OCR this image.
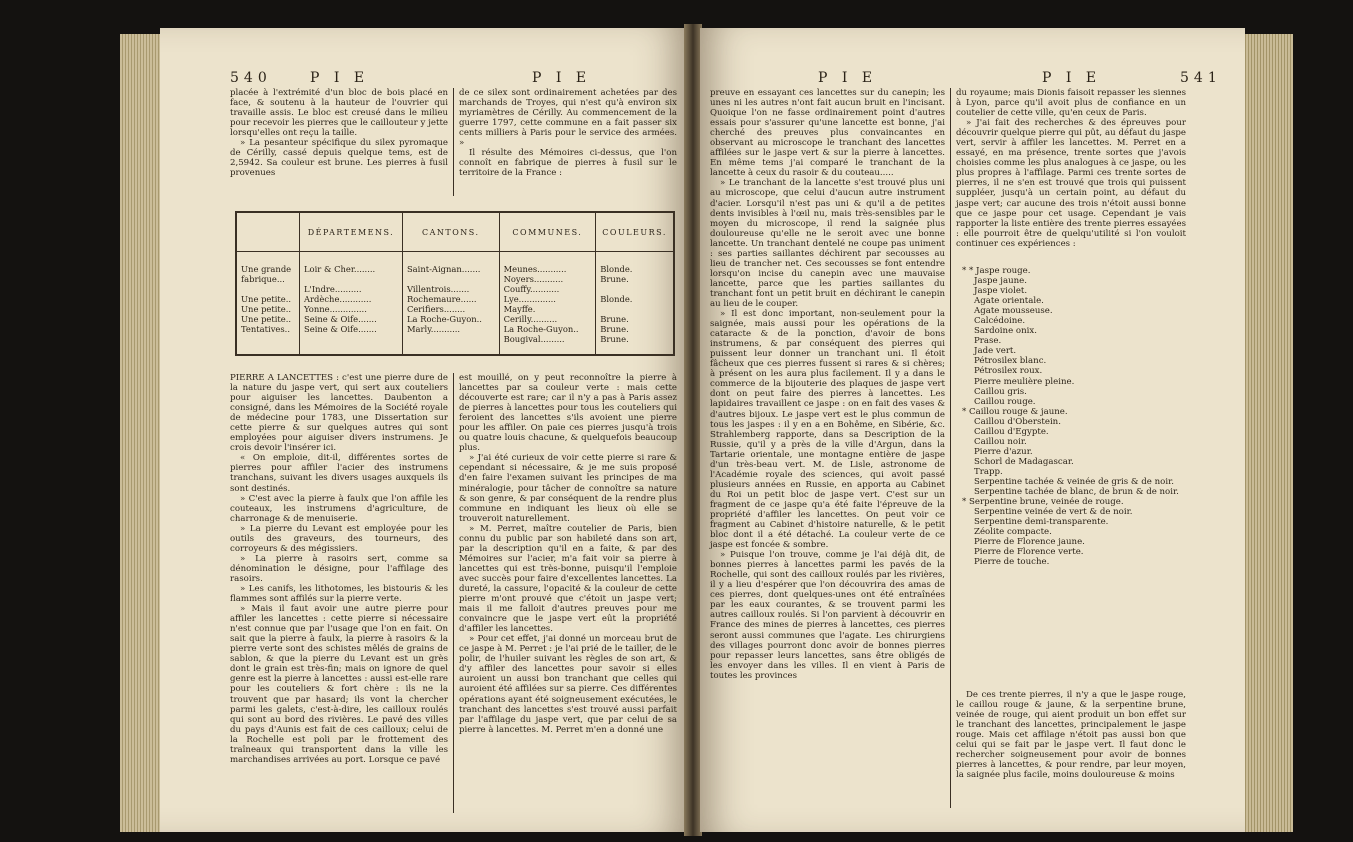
540	P I E	P I E

placée à l'extrémité d'un bloc de bois placé en face, & soutenu à la hauteur de l'ouvrier qui travaille assis. Le bloc est creusé dans le milieu pour recevoir les pierres que le caillouteur y jette lorsqu'elles ont reçu la taille.

» La pesanteur spécifique du silex pyromaque de Cérilly, cassé depuis quelque tems, est de 2,5942. Sa couleur est brune. Les pierres à fusil provenues

de ce silex sont ordinairement achetées par des marchands de Troyes, qui n'est qu'à environ six myriamètres de Cérilly. Au commencement de la guerre 1797, cette commune en a fait passer six cents milliers à Paris pour le service des armées. »

Il résulte des Mémoires ci-dessus, que l'on connoît en fabrique de pierres à fusil sur le territoire de la France :

	DÉPARTEMENS.	CANTONS.	COMMUNES.	COULEURS.
Une grande	Loir & Cher........	Saint-Aignan.......	Meunes...........	Blonde.
fabrique...			Noyers...........	Brune.
	L'Indre..........	Villentrois.......	Couffy...........	
Une petite..	Ardèche............	Rochemaure......	Lye..............	Blonde.
Une petite..	Yonne..............	Cerifiers........	Mayffe.	
Une petite..	Seine & Oife.......	La Roche-Guyon..	Cerilly..........	Brune.
Tentatives..	Seine & Oife.......	Marly...........	La Roche-Guyon..	Brune.
			Bougival.........	Brune.

PIERRE A LANCETTES : c'est une pierre dure de la nature du jaspe vert, qui sert aux couteliers pour aiguiser les lancettes. Daubenton a consigné, dans les Mémoires de la Société royale de médecine pour 1783, une Dissertation sur cette pierre & sur quelques autres qui sont employées pour aiguiser divers instrumens. Je crois devoir l'insérer ici.

« On emploie, dit-il, différentes sortes de pierres pour affiler l'acier des instrumens tranchans, suivant les divers usages auxquels ils sont destinés.

» C'est avec la pierre à faulx que l'on affile les couteaux, les instrumens d'agriculture, de charronage & de menuiserie.

» La pierre du Levant est employée pour les outils des graveurs, des tourneurs, des corroyeurs & des mégissiers.

» La pierre à rasoirs sert, comme sa dénomination le désigne, pour l'affilage des rasoirs.

» Les canifs, les lithotomes, les bistouris & les flammes sont affilés sur la pierre verte.

» Mais il faut avoir une autre pierre pour affiler les lancettes : cette pierre si nécessaire n'est connue que par l'usage que l'on en fait. On sait que la pierre à faulx, la pierre à rasoirs & la pierre verte sont des schistes mêlés de grains de sablon, & que la pierre du Levant est un grès dont le grain est très-fin; mais on ignore de quel genre est la pierre à lancettes : aussi est-elle rare pour les couteliers & fort chère : ils ne la trouvent que par hasard; ils vont la chercher parmi les galets, c'est-à-dire, les cailloux roulés qui sont au bord des rivières. Le pavé des villes du pays d'Aunis est fait de ces cailloux; celui de la Rochelle est poli par le frottement des traîneaux qui transportent dans la ville les marchandises arrivées au port. Lorsque ce pavé

est mouillé, on y peut reconnoître la pierre à lancettes par sa couleur verte : mais cette découverte est rare; car il n'y a pas à Paris assez de pierres à lancettes pour tous les couteliers qui feroient des lancettes s'ils avoient une pierre pour les affiler. On paie ces pierres jusqu'à trois ou quatre louis chacune, & quelquefois beaucoup plus.

» J'ai été curieux de voir cette pierre si rare & cependant si nécessaire, & je me suis proposé d'en faire l'examen suivant les principes de ma minéralogie, pour tâcher de connoître sa nature & son genre, & par conséquent de la rendre plus commune en indiquant les lieux où elle se trouveroit naturellement.

» M. Perret, maître coutelier de Paris, bien connu du public par son habileté dans son art, par la description qu'il en a faite, & par des Mémoires sur l'acier, m'a fait voir sa pierre à lancettes qui est très-bonne, puisqu'il l'emploie avec succès pour faire d'excellentes lancettes. La dureté, la cassure, l'opacité & la couleur de cette pierre m'ont prouvé que c'étoit un jaspe vert; mais il me falloit d'autres preuves pour me convaincre que le jaspe vert eût la propriété d'affiler les lancettes.

» Pour cet effet, j'ai donné un morceau brut de ce jaspe à M. Perret : je l'ai prié de le tailler, de le polir, de l'huiler suivant les règles de son art, & d'y affiler des lancettes pour savoir si elles auroient un aussi bon tranchant que celles qui auroient été affilées sur sa pierre. Ces différentes opérations ayant été soigneusement exécutées, le tranchant des lancettes s'est trouvé aussi parfait par l'affilage du jaspe vert, que par celui de sa pierre à lancettes. M. Perret m'en a donné une

P I E	P I E	541

preuve en essayant ces lancettes sur du canepin; les unes ni les autres n'ont fait aucun bruit en l'incisant. Quoique l'on ne fasse ordinairement point d'autres essais pour s'assurer qu'une lancette est bonne, j'ai cherché des preuves plus convaincantes en observant au microscope le tranchant des lancettes affilées sur le jaspe vert & sur la pierre à lancettes. En même tems j'ai comparé le tranchant de la lancette à ceux du rasoir & du couteau.....

» Le tranchant de la lancette s'est trouvé plus uni au microscope, que celui d'aucun autre instrument d'acier. Lorsqu'il n'est pas uni & qu'il a de petites dents invisibles à l'œil nu, mais très-sensibles par le moyen du microscope, il rend la saignée plus douloureuse qu'elle ne le seroit avec une bonne lancette. Un tranchant dentelé ne coupe pas uniment : ses parties saillantes déchirent par secousses au lieu de trancher net. Ces secousses se font entendre lorsqu'on incise du canepin avec une mauvaise lancette, parce que les parties saillantes du tranchant font un petit bruit en déchirant le canepin au lieu de le couper.

» Il est donc important, non-seulement pour la saignée, mais aussi pour les opérations de la cataracte & de la ponction, d'avoir de bons instrumens, & par conséquent des pierres qui puissent leur donner un tranchant uni. Il étoit fâcheux que ces pierres fussent si rares & si chères; à présent on les aura plus facilement. Il y a dans le commerce de la bijouterie des plaques de jaspe vert dont on peut faire des pierres à lancettes. Les lapidaires travaillent ce jaspe : on en fait des vases & d'autres bijoux. Le jaspe vert est le plus commun de tous les jaspes : il y en a en Bohême, en Sibérie, &c. Strahlemberg rapporte, dans sa Description de la Russie, qu'il y a près de la ville d'Argun, dans la Tartarie orientale, une montagne entière de jaspe d'un très-beau vert. M. de Lisle, astronome de l'Académie royale des sciences, qui avoit passé plusieurs années en Russie, en apporta au Cabinet du Roi un petit bloc de jaspe vert. C'est sur un fragment de ce jaspe qu'a été faite l'épreuve de la propriété d'affiler les lancettes. On peut voir ce fragment au Cabinet d'histoire naturelle, & le petit bloc dont il a été détaché. La couleur verte de ce jaspe est foncée & sombre.

» Puisque l'on trouve, comme je l'ai déjà dit, de bonnes pierres à lancettes parmi les pavés de la Rochelle, qui sont des cailloux roulés par les rivières, il y a lieu d'espérer que l'on découvrira des amas de ces pierres, dont quelques-unes ont été entraînées par les eaux courantes, & se trouvent parmi les autres cailloux roulés. Si l'on parvient à découvrir en France des mines de pierres à lancettes, ces pierres seront aussi communes que l'agate. Les chirurgiens des villages pourront donc avoir de bonnes pierres pour repasser leurs lancettes, sans être obligés de les envoyer dans les villes. Il en vient à Paris de toutes les provinces

du royaume; mais Dionis faisoit repasser les siennes à Lyon, parce qu'il avoit plus de confiance en un coutelier de cette ville, qu'en ceux de Paris.

» J'ai fait des recherches & des épreuves pour découvrir quelque pierre qui pût, au défaut du jaspe vert, servir à affiler les lancettes. M. Perret en a essayé, en ma présence, trente sortes que j'avois choisies comme les plus analogues à ce jaspe, ou les plus propres à l'affilage. Parmi ces trente sortes de pierres, il ne s'en est trouvé que trois qui puissent suppléer, jusqu'à un certain point, au défaut du jaspe vert; car aucune des trois n'étoit aussi bonne que ce jaspe pour cet usage. Cependant je vais rapporter la liste entière des trente pierres essayées : elle pourroit être de quelqu'utilité si l'on vouloit continuer ces expériences :

* * Jaspe rouge.
Jaspe jaune.
Jaspe violet.
Agate orientale.
Agate mousseuse.
Calcédoine.
Sardoine onix.
Prase.
Jade vert.
Pétrosilex blanc.
Pétrosilex roux.
Pierre meulière pleine.
Caillou gris.
Caillou rouge.
* Caillou rouge & jaune.
Caillou d'Oberstein.
Caillou d'Egypte.
Caillou noir.
Pierre d'azur.
Schorl de Madagascar.
Trapp.
Serpentine tachée & veinée de gris & de noir.
Serpentine tachée de blanc, de brun & de noir.
* Serpentine brune, veinée de rouge.
Serpentine veinée de vert & de noir.
Serpentine demi-transparente.
Zéolite compacte.
Pierre de Florence jaune.
Pierre de Florence verte.
Pierre de touche.

De ces trente pierres, il n'y a que le jaspe rouge, le caillou rouge & jaune, & la serpentine brune, veinée de rouge, qui aient produit un bon effet sur le tranchant des lancettes, principalement le jaspe rouge. Mais cet affilage n'étoit pas aussi bon que celui qui se fait par le jaspe vert. Il faut donc le rechercher soigneusement pour avoir de bonnes pierres à lancettes, & pour rendre, par leur moyen, la saignée plus facile, moins douloureuse & moins
